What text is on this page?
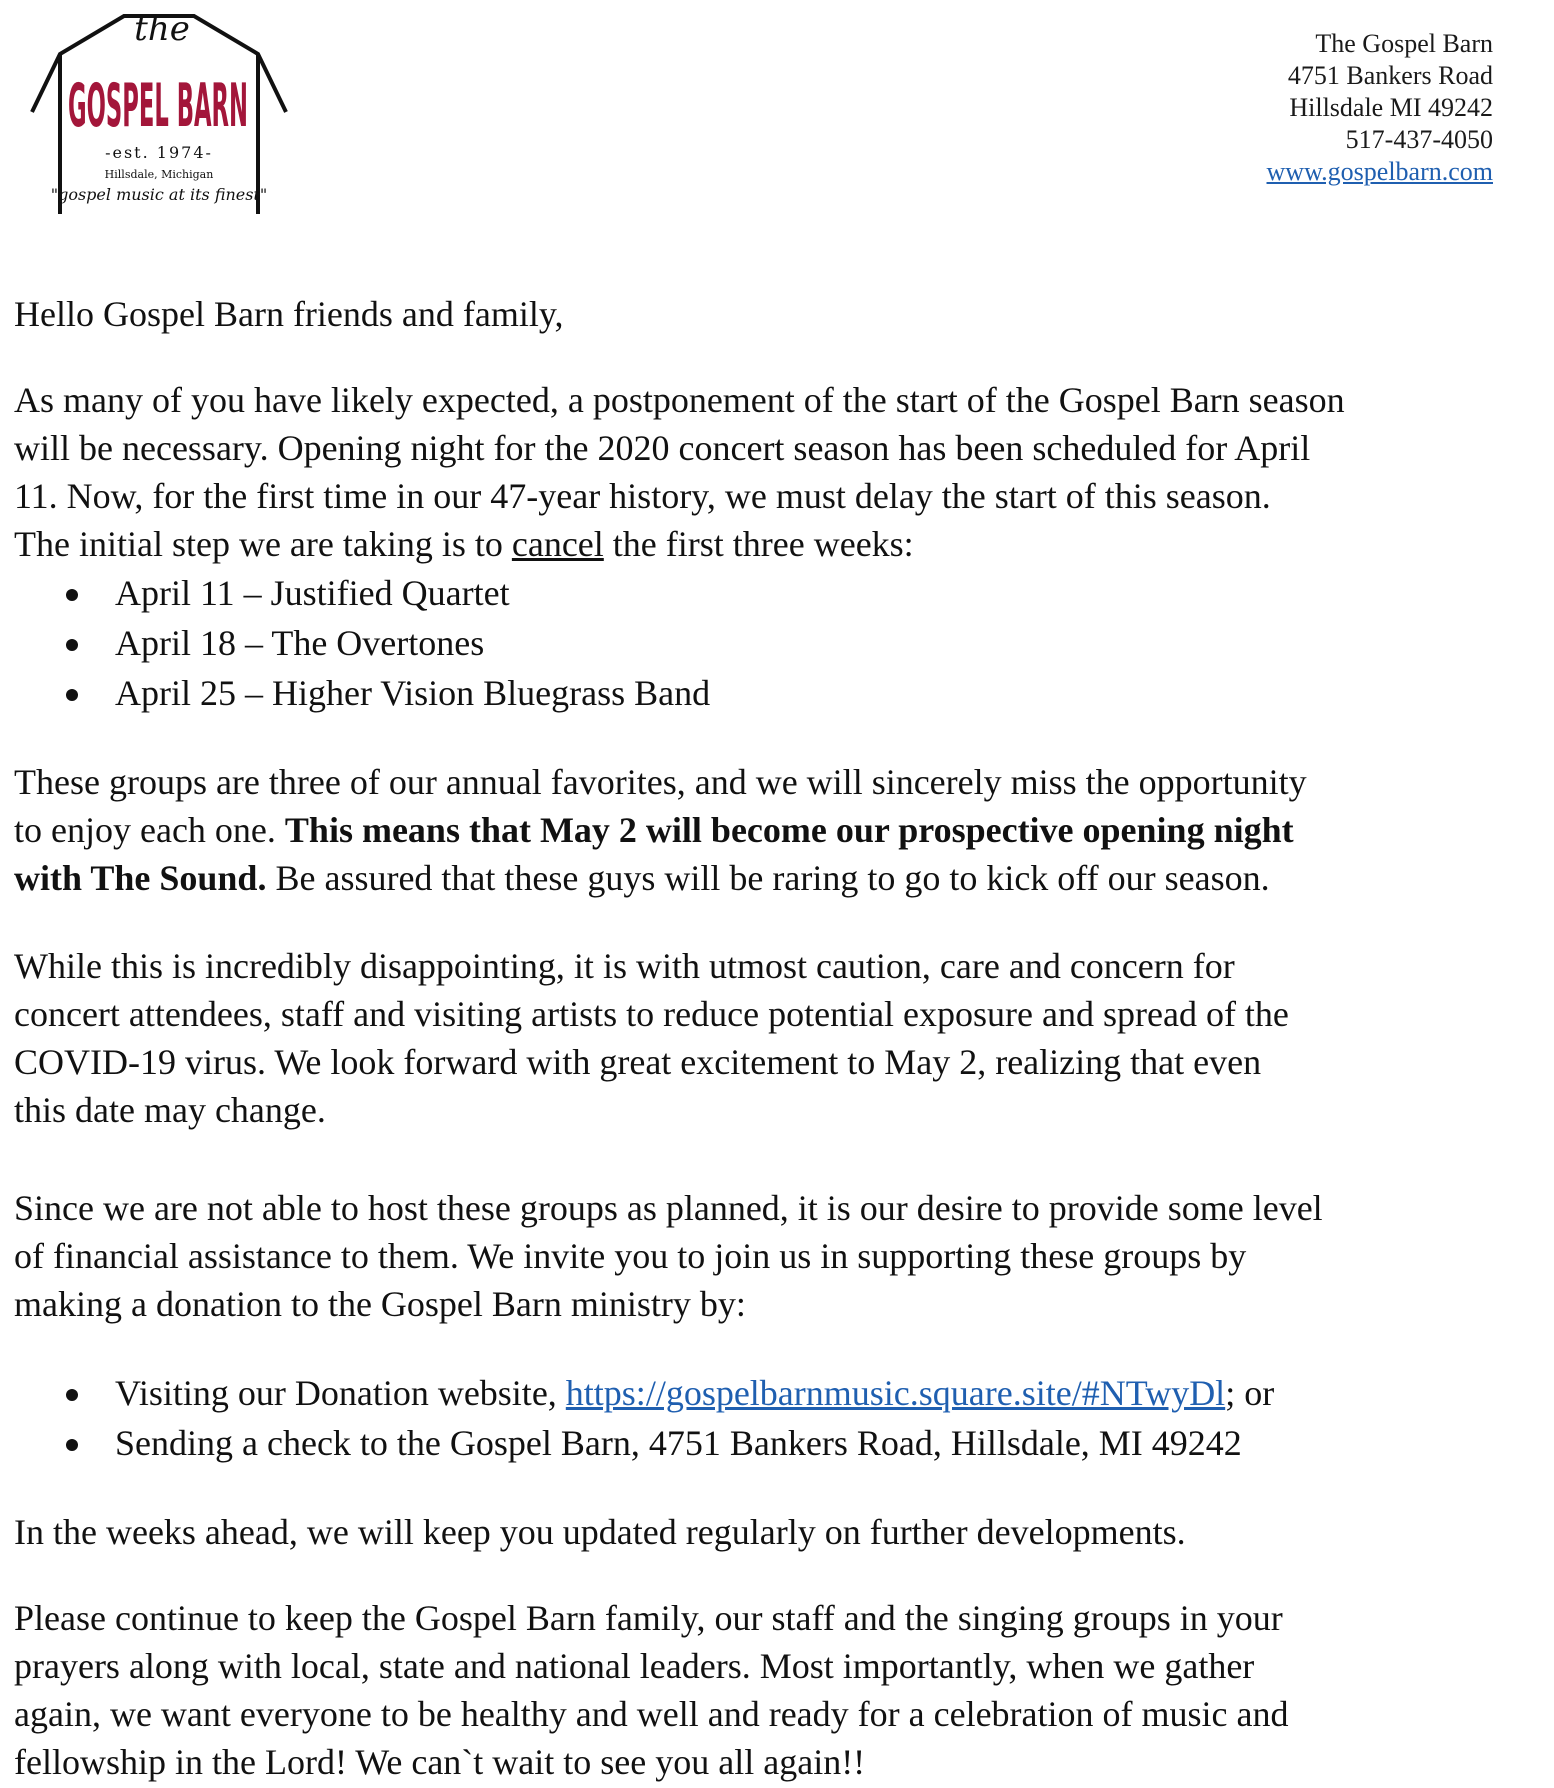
the
GOSPEL BARN
-est. 1974-
Hillsdale, Michigan
"gospel music at its finest"
The Gospel Barn
4751 Bankers Road
Hillsdale MI 49242
517-437-4050
www.gospelbarn.com
Hello Gospel Barn friends and family,
As many of you have likely expected, a postponement of the start of the Gospel Barn season
will be necessary. Opening night for the 2020 concert season has been scheduled for April
11. Now, for the first time in our 47-year history, we must delay the start of this season.
The initial step we are taking is to cancel the first three weeks:
April 11 – Justified Quartet
April 18 – The Overtones
April 25 – Higher Vision Bluegrass Band
These groups are three of our annual favorites, and we will sincerely miss the opportunity
to enjoy each one. This means that May 2 will become our prospective opening night
with The Sound. Be assured that these guys will be raring to go to kick off our season.
While this is incredibly disappointing, it is with utmost caution, care and concern for
concert attendees, staff and visiting artists to reduce potential exposure and spread of the
COVID-19 virus. We look forward with great excitement to May 2, realizing that even
this date may change.
Since we are not able to host these groups as planned, it is our desire to provide some level
of financial assistance to them. We invite you to join us in supporting these groups by
making a donation to the Gospel Barn ministry by:
Visiting our Donation website, https://gospelbarnmusic.square.site/#NTwyDl; or
Sending a check to the Gospel Barn, 4751 Bankers Road, Hillsdale, MI 49242
In the weeks ahead, we will keep you updated regularly on further developments.
Please continue to keep the Gospel Barn family, our staff and the singing groups in your
prayers along with local, state and national leaders. Most importantly, when we gather
again, we want everyone to be healthy and well and ready for a celebration of music and
fellowship in the Lord! We can`t wait to see you all again!!
